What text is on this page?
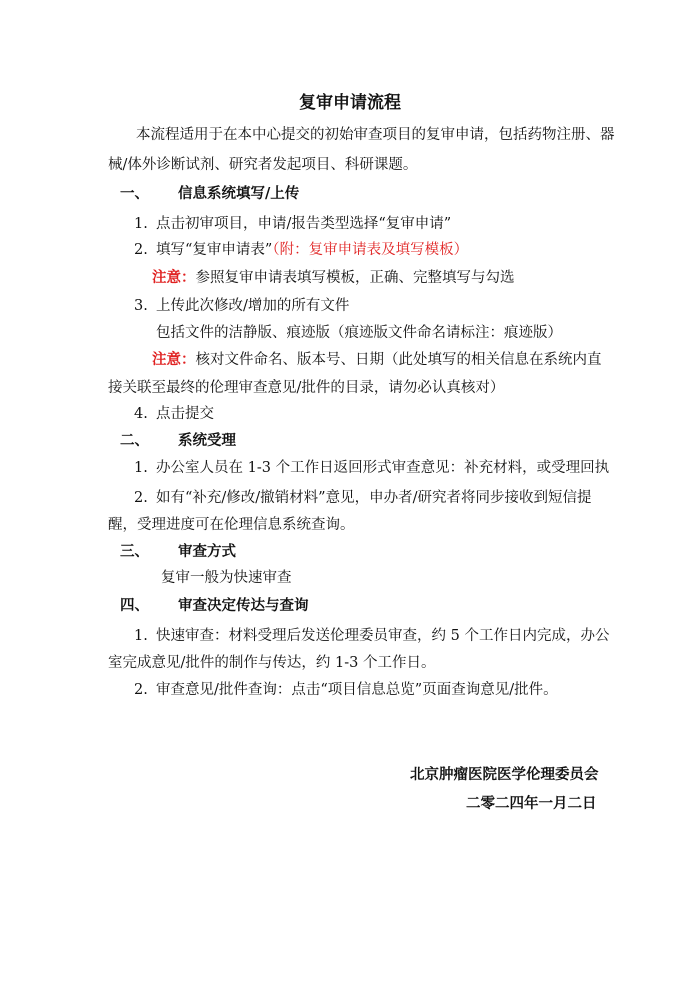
复审申请流程
本流程适用于在本中心提交的初始审查项目的复审申请，包括药物注册、器
械/体外诊断试剂、研究者发起项目、科研课题。
一、 信息系统填写/上传
1. 点击初审项目，申请/报告类型选择“复审申请”
2. 填写“复审申请表”（附：复审申请表及填写模板）
注意：参照复审申请表填写模板，正确、完整填写与勾选
3. 上传此次修改/增加的所有文件
包括文件的洁静版、痕迹版（痕迹版文件命名请标注：痕迹版）
注意：核对文件命名、版本号、日期（此处填写的相关信息在系统内直
接关联至最终的伦理审查意见/批件的目录，请勿必认真核对）
4. 点击提交
二、 系统受理
1. 办公室人员在 1-3 个工作日返回形式审查意见：补充材料，或受理回执
2. 如有“补充/修改/撤销材料”意见，申办者/研究者将同步接收到短信提
醒，受理进度可在伦理信息系统查询。
三、 审查方式
复审一般为快速审查
四、 审查决定传达与查询
1. 快速审查：材料受理后发送伦理委员审查，约 5 个工作日内完成，办公
室完成意见/批件的制作与传达，约 1-3 个工作日。
2. 审查意见/批件查询：点击“项目信息总览”页面查询意见/批件。
北京肿瘤医院医学伦理委员会
二零二四年一月二日
